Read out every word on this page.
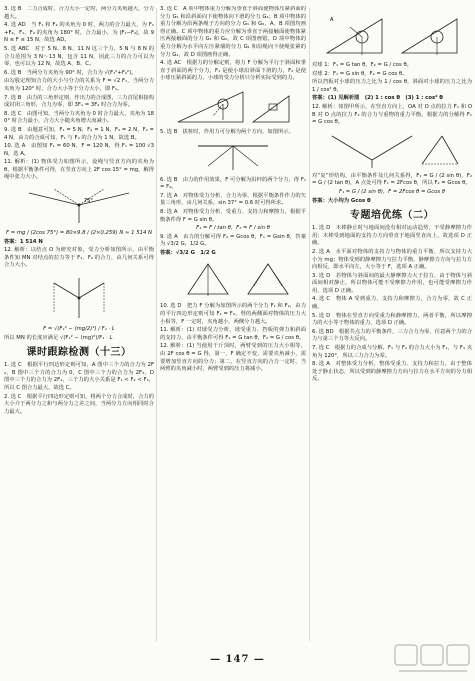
3. 选 B　二力合成时，合力大小一定时，两分力夹角越大，分力越大。

4. 选 AD　当 F₁ 和 F₂ 的夹角为 0 时，两力的合力最大，为 F₁+F₂，F₁、F₂ 的夹角为 180° 时，合力最小，为 |F₁−F₂|，故 9 N ≤ F ≤ 15 N，故选 AD。

5. 选 ABC　对于 5 N、8 N、11 N 这三个力，5 N 与 8 N 的合力范围为 3 N～13 N，包含 11 N，因此三力的合力可以为零，也可以为 12 N，故选 A、B、C。

6. 选 B　当两分力夹角为 90° 时，合力为 √(F₁²+F₂²)。

由勾股定理知合力的大小与分力的关系为 F = √2 F₁，当两分力夹角为 120° 时，合力大小等于分力大小，即 F₁。

7. 选 B　由力的三角形定则，作出力的合成图，三力首尾相接构成封闭三角形，合力为零，即 3F₁ = 3F₂ 时合力为零。

8. 选 C　由图可知，当两分力夹角为 0 时合力最大，夹角为 180° 时合力最小，合力大小随夹角增大而减小。

9. 选 B　由题意可知，F₁ = 5 N，F₂ = 1 N，F₃ = 2 N，F₄ = 4 N，由力的合成可知，F₁ 与 F₄ 的合力为 1 N，故选 B。

10. 选 A　由图知 F₁ = 60 N，F = 120 N，得 F₁ = 100 √3 N，选 A。

11. 解析：(1) 物体受力如图所示，设绳与竖直方向的夹角为 θ，根据平衡条件可得，在竖直方向上 2F cos 15° = mg，解得绳中张力大小。

75°

F = mg / (2cos 75°) = 80×9.8 / (2×0.259) N ≈ 1 514 N

答案：1 514 N

12. 解析：以结点 O 为研究对象，受力分析如图所示，由平衡条件知 MN 对结点的拉力等于 F₁、F₂ 的合力，由几何关系可得合力大小。

F = √(F₁² − (mg/2)²) / F₁ · L

所以 MN 的长度应满足 √(F₁² − (mg)²)/F₁ · L

课时跟踪检测（十三）

1. 选 C　根据平行四边形定则可知，A 图中三个力的合力为 2F₂，B 图中三个力的合力为 0，C 图中三个力的合力为 2F₃，D 图中三个力的合力为 2F₁，三个力的大小关系是 F₁ < F₂ < F₃，所以 C 图合力最大，故选 C。

2. 选 C　根据平行四边形定则可知，将两个分力合成时，合力的大小介于两分力之和与两分力之差之间，当两分力方向相同时合力最大。

3. 选 C　A 项中物体重力分解为垂直于斜面使物体压紧斜面的分力 G₁ 和沿斜面向下使物体向下滑的分力 G₂；B 项中物体的重力分解为沿两条绳子方向的分力 G₁ 和 G₂，A、B 项图均画得正确。C 项中物体的重力应分解为垂直于两接触面使物体紧压两接触面的分力 G₁ 和 G₂，故 C 项图画错。D 项中物体的重力分解为水平向左压紧墙的分力 G₁ 和沿绳向下使绳张紧的分力 G₂，故 D 项图画得正确。

4. 选 AC　根据力的分解定则，将力 F 分解为平行于斜面和垂直于斜面的两个分力，F₁ 是使小球沿斜面下滑的力，F₂ 是使小球压紧斜面的力，小球的受力分析只分析实际受到的力。

5. 选 B　拔桩时，作用力可分解为两个方向，如图所示。

6. 选 B　由力的作用效果，F 可分解为沿杆的两个分力，得 F₁ = F₂。

7. 选 A　对物体受力分析，合力为零，根据平衡条件作力的矢量三角形，由几何关系，sin 37° = 0.6 时可得所求。

8. 选 A　对物体受力分析，受重力、支持力和摩擦力，根据平衡条件得 F = G sin θ。

F₁ = F / tan θ，F₂ = F / sin θ

9. 选 A　由力的分解可得 F₂ = Gcos θ，F₁ = Gsin θ，答案为 √3/2 G，1/2 G。

答案：√3/2 G　1/2 G

10. 选 D　把力 F 分解为如图所示的两个分力 F₁ 和 F₂，由力的平行四边形定则可知 F₁ = F₂，劈的两侧面对物体的压力大小相等，F 一定时，夹角越小，两侧分力越大。

11. 解析：(1) 对球受力分析，球受重力、挡板的弹力和斜面的支持力，由平衡条件可得 F₁ = G tan θ，F₂ = G / cos θ。

12. 解析：(1) 当使用千斤顶时，两臂受到的压力大小相等，由 2F cos θ = G 得，第一，F 确定不变，需要夹角减小，需要增加竖直方向的分力；第二，在竖直方向的合力一定时，当两臂的夹角减小时，两臂受到的压力将减小。

A

对球 1：F₁ = G tan θ，F₂ = G / cos θ。

对球 2：F₁ = G sin θ，F₂ = G cos θ。

所以挡板对小球的压力之比为 1 / cos θ，斜面对小球的压力之比为 1 / cos² θ。

答案：(1) 见解析图　(2) 1 : cos θ　(3) 1 : cos² θ

12. 解析：如图甲所示，在竖直方向上，OA 对 O 点的拉力 F₁ 和 OB 对 O 点的拉力 F₂ 的合力与重物的重力平衡，根据力的分解得 F₁ = G cos θ。

对“复”形结构，由平衡条件及几何关系得，F₁ = G / (2 sin θ)，F₂ = G / (2 tan θ)，A 点处可得 F₁ = 2Fcos θ，所以 F₂ = Gcos θ。

F₁ = G / (2 sin θ)，F = 2Fcos θ = Gcos θ

答案：大小均为 Gcos θ

专题培优练（二）

1. 选 D　木棒静止时与地面间没有相对运动趋势，不受静摩擦力作用；木棒受到地面的支持力方向垂直于地面竖直向上，故选项 D 正确。

2. 选 A　水平面对物体的支持力与物体的重力平衡，所以支持力大小为 mg；物体受到的静摩擦力与拉力平衡，静摩擦力方向与拉力方向相反，即水平向左，大小等于 F，选项 A 正确。

3. 选 D　若物体与斜面间的最大静摩擦力大于拉力，由于物体与斜面间相对静止，所以物体可能不受摩擦力作用，也可能受摩擦力作用，选项 D 正确。

4. 选 C　物体 A 受到重力、支持力和摩擦力，合力为零，故 C 正确。

5. 选 D　物体在竖直方向受重力和静摩擦力，两者平衡，所以摩擦力的大小等于物体的重力，选项 D 正确。

6. 选 BD　根据共点力的平衡条件，三力合力为零，任意两个力的合力与第三个力等大反向。

7. 选 C　根据力的合成与分解，F₁ 与 F₂ 的合力大小为 F₁，与 F₃ 夹角为 120°，所以三力合力为零。

8. 选 A　对整体受力分析，整体受重力、支持力和拉力，由于整体处于静止状态，所以受到的静摩擦力方向与拉力在水平方向的分力相反。

— 147 —
